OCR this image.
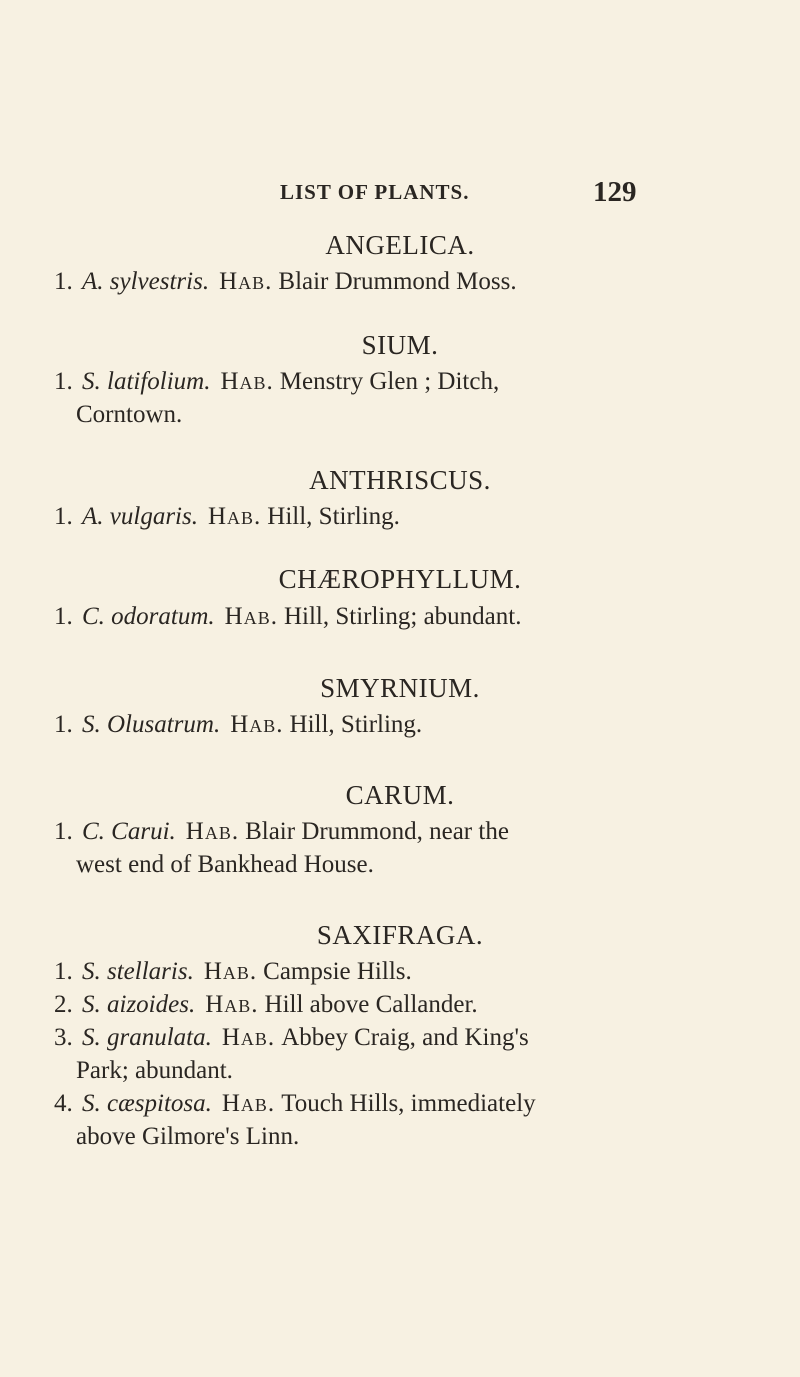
LIST OF PLANTS.	129
ANGELICA.
1. A. sylvestris. Hab. Blair Drummond Moss.
SIUM.
1. S. latifolium. Hab. Menstry Glen ; Ditch,
Corntown.
ANTHRISCUS.
1. A. vulgaris. Hab. Hill, Stirling.
CHÆROPHYLLUM.
1. C. odoratum. Hab. Hill, Stirling; abundant.
SMYRNIUM.
1. S. Olusatrum. Hab. Hill, Stirling.
CARUM.
1. C. Carui. Hab. Blair Drummond, near the
west end of Bankhead House.
SAXIFRAGA.
1. S. stellaris. Hab. Campsie Hills.
2. S. aizoides. Hab. Hill above Callander.
3. S. granulata. Hab. Abbey Craig, and King's
Park; abundant.
4. S. cæspitosa. Hab. Touch Hills, immediately
above Gilmore's Linn.
